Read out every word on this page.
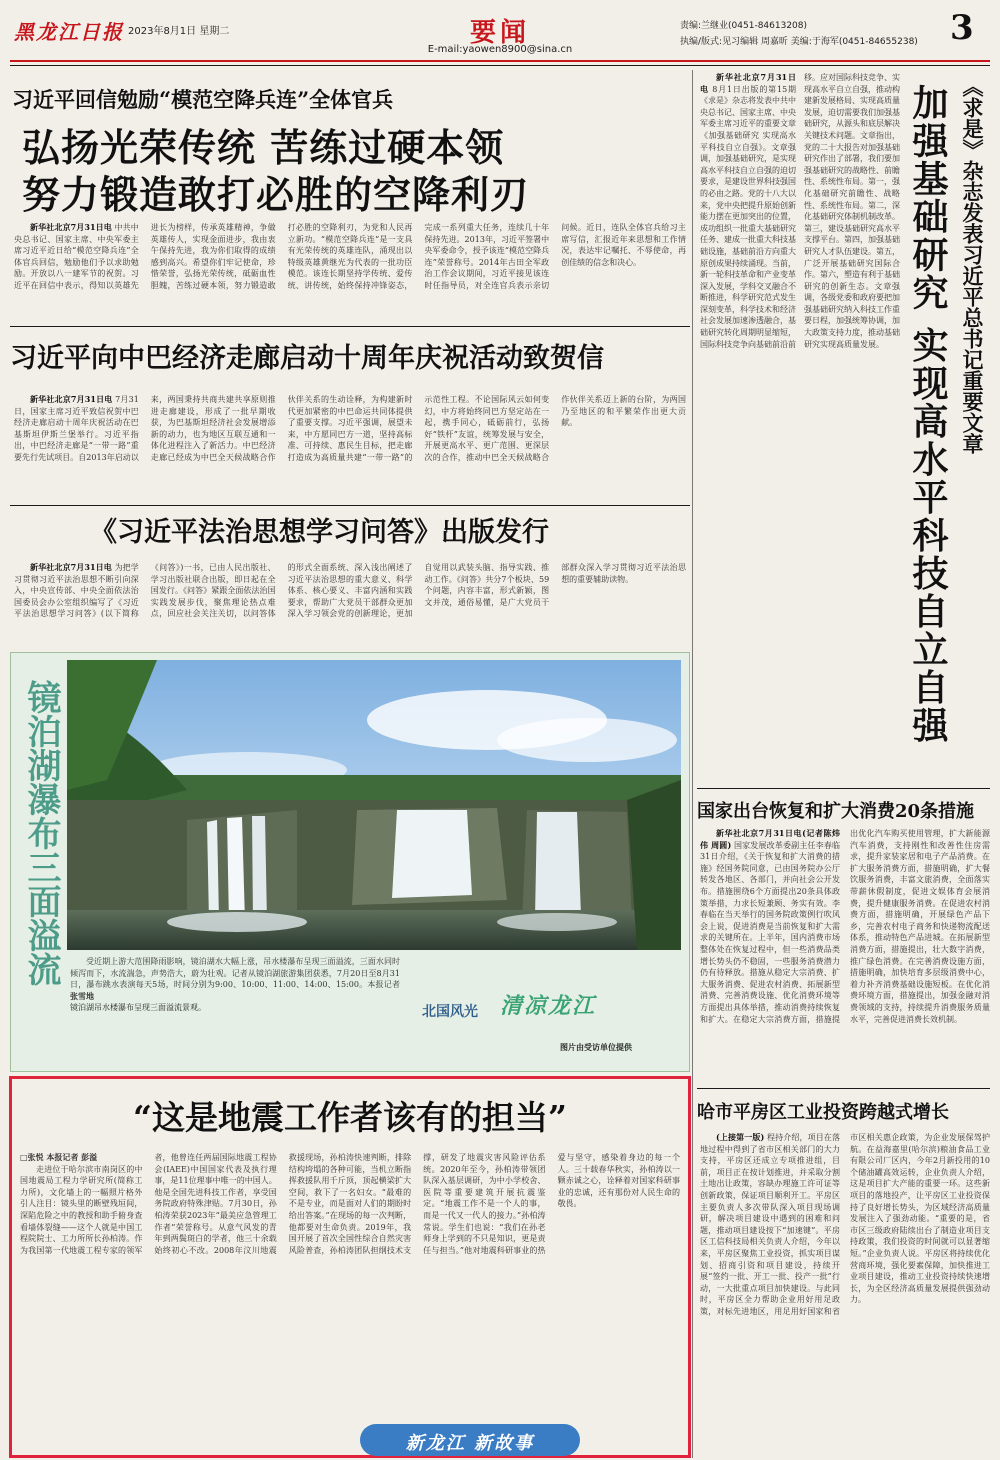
黑龙江日报 2023年8月1日 星期二	要闻
E-mail:yaowen8900@sina.cn
责编:兰继业(0451-84613208)
执编/版式:见习编辑 周嘉昕 美编:于海军(0451-84655238) 3
习近平回信勉励“模范空降兵连”全体官兵
弘扬光荣传统 苦练过硬本领
努力锻造敢打必胜的空降利刃

新华社北京7月31日电 中共中央总书记、国家主席、中央军委主席习近平近日给“模范空降兵连”全体官兵回信，勉励他们予以求助勉励。开放以八一建军节的祝贺。习近平在回信中表示，得知以英雄先进长为榜样，传承英雄精神，争做英雄传人，实现金面进步，我由衷午保持先进，我为你们取得的成绩感到高兴。希望你们牢记使命，珍惜荣誉，弘扬光荣传统，砥砺血性胆魄，苦练过硬本领，努力锻造敢打必胜的空降利刃，为党和人民再立新功。“模范空降兵连”是一支具有光荣传统的英雄连队，涌现出以特级英雄黄继光为代表的一批功臣模范。该连长期坚持学传统、爱传统、讲传统，始终保持冲锋姿态，完成一系列重大任务，连续几十年保持先进。2013年，习近平签署中央军委命令，授予该连“模范空降兵连”荣誉称号。2014年古田全军政治工作会议期间，习近平接见该连时任指导员，对全连官兵表示亲切问候。近日，连队全体官兵给习主席写信，汇报近年来思想和工作情况，表达牢记嘱托、不辱使命，再创佳绩的信念和决心。

习近平向中巴经济走廊启动十周年庆祝活动致贺信

新华社北京7月31日电 7月31日，国家主席习近平致信祝贺中巴经济走廊启动十周年庆祝活动在巴基斯坦伊斯兰堡举行。习近平指出，中巴经济走廊是“一带一路”重要先行先试项目。自2013年启动以来，两国秉持共商共建共享原则推进走廊建设，形成了一批早期收获，为巴基斯坦经济社会发展增添新的动力，也为地区互联互通和一体化进程注入了新活力。中巴经济走廊已经成为中巴全天候战略合作伙伴关系的生动诠释，为构建新时代更加紧密的中巴命运共同体提供了重要支撑。习近平强调，展望未来，中方愿同巴方一道，坚持高标准、可持续、惠民生目标，把走廊打造成为高质量共建“一带一路”的示范性工程。不论国际风云如何变幻，中方将始终同巴方坚定站在一起，携手同心，砥砺前行，弘扬好“铁杆”友谊，统筹发展与安全，开展更高水平、更广范围、更深层次的合作，推动中巴全天候战略合作伙伴关系迈上新的台阶，为两国乃至地区的和平繁荣作出更大贡献。

《习近平法治思想学习问答》出版发行

新华社北京7月31日电 为把学习贯彻习近平法治思想不断引向深入，中央宣传部、中央全面依法治国委员会办公室组织编写了《习近平法治思想学习问答》(以下简称《问答》)一书，已由人民出版社、学习出版社联合出版，即日起在全国发行。《问答》紧跟全面依法治国实践发展步伐，聚焦理论热点难点，回应社会关注关切，以问答体的形式全面系统、深入浅出阐述了习近平法治思想的重大意义、科学体系、核心要义、丰富内涵和实践要求，帮助广大党员干部群众更加深入学习领会党的创新理论，更加自觉用以武装头脑、指导实践、推动工作。《问答》共分7个板块、59个问题，内容丰富，形式新颖，图文并茂，通俗易懂，是广大党员干部群众深入学习贯彻习近平法治思想的重要辅助读物。

镜泊湖瀑布三面溢流	受近期上游大范围降雨影响，镜泊湖水大幅上涨，吊水楼瀑布呈现三面溢流，三面水同时倾泻而下，水流湍急，声势浩大，蔚为壮观。记者从镜泊湖旅游集团获悉，7月20日至8月31日，瀑布跳水表演每天5场，时间分别为9:00、10:00、11:00、14:00、15:00。本报记者张雪地

镜泊湖吊水楼瀑布呈现三面溢流景观。	北国风光 清凉龙江
图片由受访单位提供
“这是地震工作者该有的担当”

□张悦 本报记者 彭溢

走进位于哈尔滨市南岗区的中国地震局工程力学研究所(简称工力所)，文化墙上的一幅照片格外引人注目：镜头里的断壁残垣间，深陷危险之中的教授和助手俯身查看墙体裂缝——这个人就是中国工程院院士、工力所所长孙柏涛。作为我国第一代地震工程专家的领军者，他曾连任两届国际地震工程协会(IAEE)中国国家代表及执行理事，是11位理事中唯一的中国人。他是全国先进科技工作者，享受国务院政府特殊津贴。7月30日，孙柏涛荣获2023年“最美应急管理工作者”荣誉称号。从意气风发的青年到两鬓斑白的学者，他三十余载始终初心不改。2008年汶川地震救援现场，孙柏涛快速判断，排除结构垮塌的各种可能，当机立断指挥救援队用千斤顶，顶起横梁扩大空间，救下了一名妇女。“最难的不是专业，而是面对人们的期盼时给出答案。”在现场的每一次判断，他都要对生命负责。2019年，我国开展了首次全国性综合自然灾害风险普查，孙柏涛团队担纲技术支撑，研发了地震灾害风险评估系统。2020年至今，孙柏涛带领团队深入基层调研，为中小学校舍、医院等重要建筑开展抗震鉴定。“地震工作不是一个人的事，而是一代又一代人的接力。”孙柏涛常说。学生们也说：“我们在孙老师身上学到的不只是知识，更是责任与担当。”他对地震科研事业的热爱与坚守，感染着身边的每一个人。三十载春华秋实，孙柏涛以一颗赤诚之心，诠释着对国家科研事业的忠诚，还有那份对人民生命的敬畏。

新龙江 新故事

新华社北京7月31日电 8月1日出版的第15期《求是》杂志将发表中共中央总书记、国家主席、中央军委主席习近平的重要文章《加强基础研究 实现高水平科技自立自强》。文章强调，加强基础研究，是实现高水平科技自立自强的迫切要求，是建设世界科技强国的必由之路。党的十八大以来，党中央把提升原始创新能力摆在更加突出的位置，成功组织一批重大基础研究任务、建成一批重大科技基础设施，基础前沿方向重大原创成果持续涌现。当前，新一轮科技革命和产业变革深入发展，学科交叉融合不断推进，科学研究范式发生深刻变革，科学技术和经济社会发展加速渗透融合，基础研究转化周期明显缩短，国际科技竞争向基础前沿前移。应对国际科技竞争、实现高水平自立自强，推动构建新发展格局、实现高质量发展，迫切需要我们加强基础研究，从源头和底层解决关键技术问题。文章指出，党的二十大报告对加强基础研究作出了部署，我们要加强基础研究的战略性、前瞻性、系统性布局。第一，强化基础研究前瞻性、战略性、系统性布局。第二，深化基础研究体制机制改革。第三，建设基础研究高水平支撑平台。第四，加强基础研究人才队伍建设。第五，广泛开展基础研究国际合作。第六，塑造有利于基础研究的创新生态。文章强调，各级党委和政府要把加强基础研究纳入科技工作重要日程，加强统筹协调，加大政策支持力度，推动基础研究实现高质量发展。	《求是》杂志发表习近平总书记重要文章
加强基础研究 实现高水平科技自立自强
国家出台恢复和扩大消费20条措施

新华社北京7月31日电(记者陈炜伟 周圆) 国家发展改革委副主任李春临31日介绍，《关于恢复和扩大消费的措施》经国务院同意，已由国务院办公厅转发各地区、各部门，并向社会公开发布。措施围绕6个方面提出20条具体政策举措，力求长短兼顾、务实有效。李春临在当天举行的国务院政策例行吹风会上说，促进消费是当前恢复和扩大需求的关键所在。上半年，国内消费市场整体处在恢复过程中，但一些消费品类增长势头仍不稳固，一些服务消费潜力仍有待释放。措施从稳定大宗消费、扩大服务消费、促进农村消费、拓展新型消费、完善消费设施、优化消费环境等方面提出具体举措，推动消费持续恢复和扩大。在稳定大宗消费方面，措施提出优化汽车购买使用管理，扩大新能源汽车消费，支持刚性和改善性住房需求，提升家装家居和电子产品消费。在扩大服务消费方面，措施明确，扩大餐饮服务消费，丰富文旅消费，全面落实带薪休假制度，促进文娱体育会展消费，提升健康服务消费。在促进农村消费方面，措施明确，开展绿色产品下乡，完善农村电子商务和快递物流配送体系，推动特色产品进城。在拓展新型消费方面，措施提出，壮大数字消费，推广绿色消费。在完善消费设施方面，措施明确，加快培育多层级消费中心，着力补齐消费基础设施短板。在优化消费环境方面，措施提出，加强金融对消费领域的支持，持续提升消费服务质量水平，完善促进消费长效机制。

哈市平房区工业投资跨越式增长

(上接第一版) 程持介绍，项目在落地过程中得到了省市区相关部门的大力支持，平房区还成立专项推进组，目前，项目正在按计划推进，并采取分割土地出让政策，容缺办理施工许可证等创新政策，保证项目顺利开工。平房区主要负责人多次带队深入项目现场调研，解决项目建设中遇到的困难和问题，推动项目建设按下“加速键”。平房区工信科技局相关负责人介绍，今年以来，平房区聚焦工业投资，抓实项目谋划、招商引资和项目建设，持续开展“签约一批、开工一批、投产一批”行动，一大批重点项目加快建设。与此同时，平房区全力帮助企业用好用足政策，对标先进地区，用足用好国家和省市区相关惠企政策，为企业发展保驾护航。在益海嘉里(哈尔滨)粮油食品工业有限公司厂区内，今年2月新投用的10个储油罐高效运转，企业负责人介绍，这是项目扩大产能的重要一环。这些新项目的落地投产，让平房区工业投资保持了良好增长势头，为区域经济高质量发展注入了强劲动能。“重要的是，省市区三级政府陆续出台了制造业项目支持政策，我们投资的时间就可以显著缩短。”企业负责人说。平房区将持续优化营商环境，强化要素保障，加快推进工业项目建设，推动工业投资持续快速增长，为全区经济高质量发展提供强劲动力。
